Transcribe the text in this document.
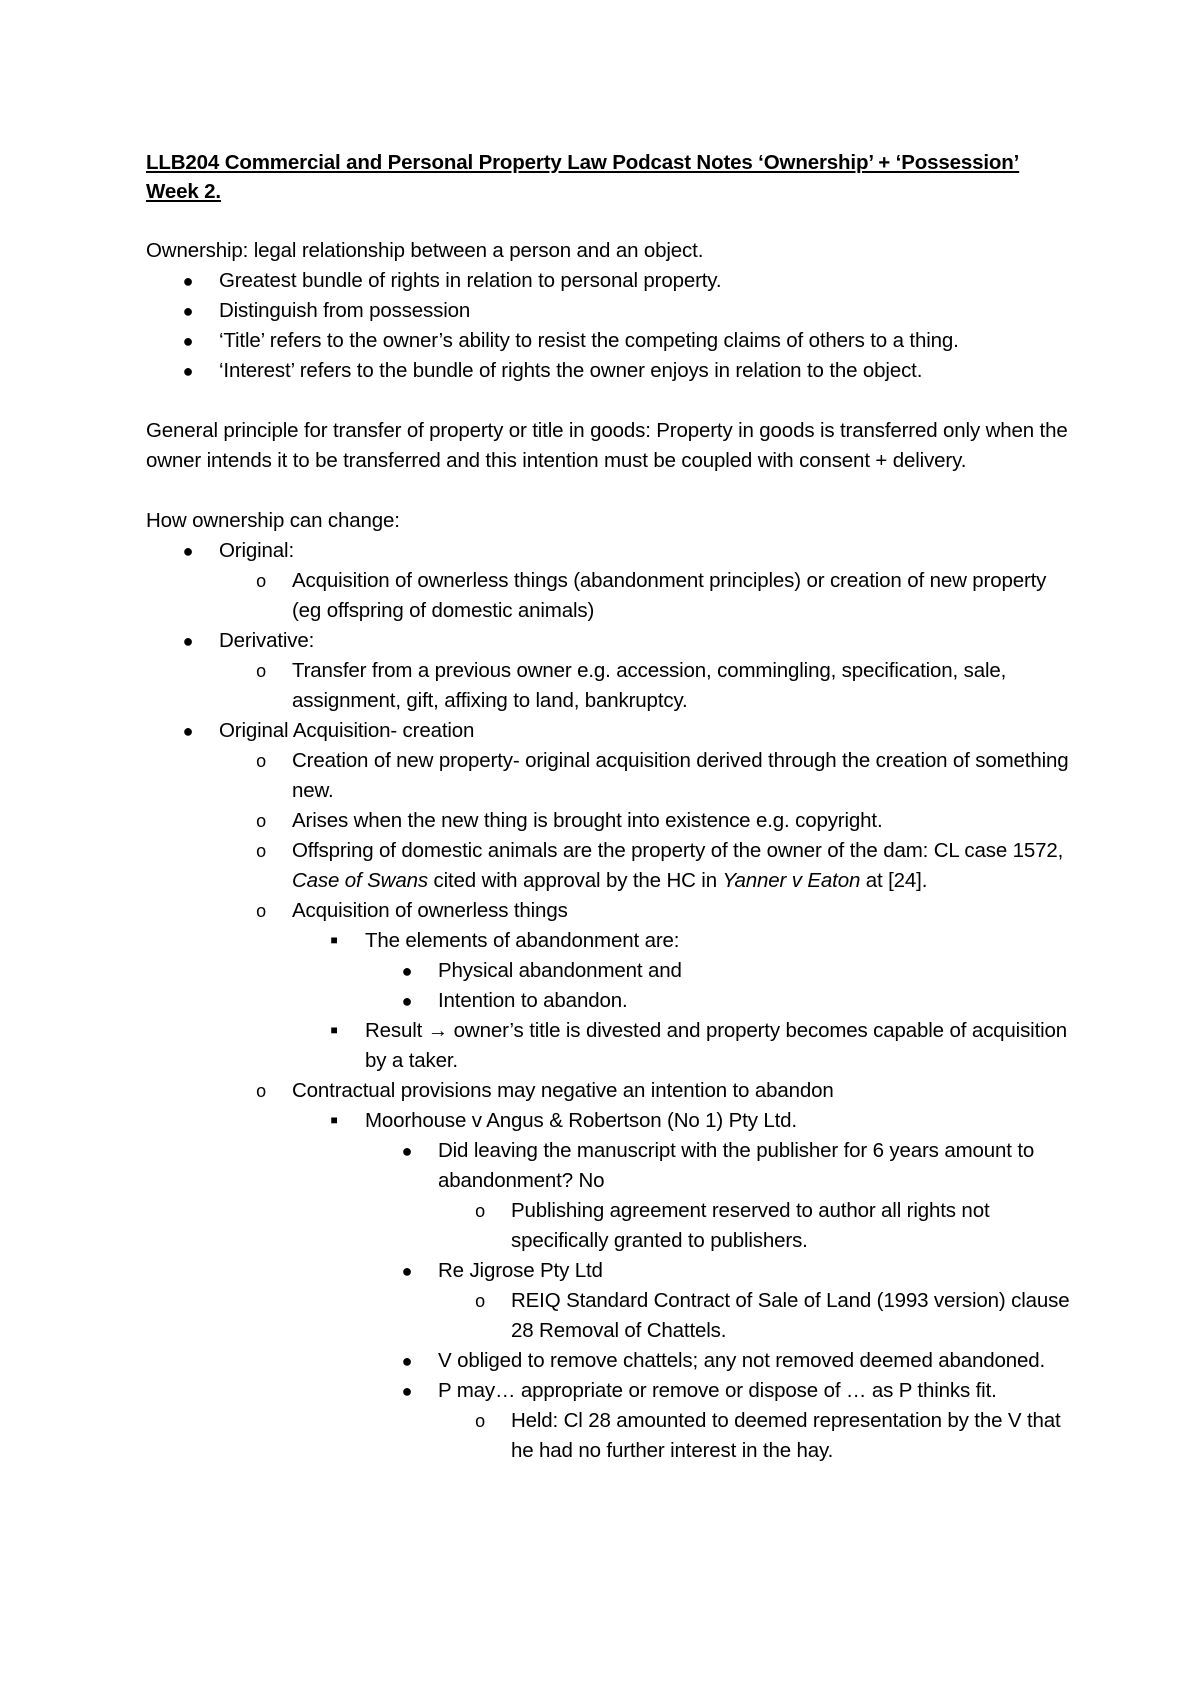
LLB204 Commercial and Personal Property Law Podcast Notes ‘Ownership’ + ‘Possession’
Week 2.

Ownership: legal relationship between a person and an object.

● Greatest bundle of rights in relation to personal property.
● Distinguish from possession
● ‘Title’ refers to the owner’s ability to resist the competing claims of others to a thing.
● ‘Interest’ refers to the bundle of rights the owner enjoys in relation to the object.

General principle for transfer of property or title in goods: Property in goods is transferred only when the owner intends it to be transferred and this intention must be coupled with consent + delivery.

How ownership can change:

● Original:
o Acquisition of ownerless things (abandonment principles) or creation of new property (eg offspring of domestic animals)
● Derivative:
o Transfer from a previous owner e.g. accession, commingling, specification, sale, assignment, gift, affixing to land, bankruptcy.
● Original Acquisition- creation
o Creation of new property- original acquisition derived through the creation of something new.
o Arises when the new thing is brought into existence e.g. copyright.
o Offspring of domestic animals are the property of the owner of the dam: CL case 1572, Case of Swans cited with approval by the HC in Yanner v Eaton at [24].
o Acquisition of ownerless things
■	The elements of abandonment are:
● Physical abandonment and
● Intention to abandon.
■	Result → owner’s title is divested and property becomes capable of acquisition by a taker.
o Contractual provisions may negative an intention to abandon
■	Moorhouse v Angus & Robertson (No 1) Pty Ltd.
● Did leaving the manuscript with the publisher for 6 years amount to abandonment? No
o Publishing agreement reserved to author all rights not specifically granted to publishers.
● Re Jigrose Pty Ltd
o REIQ Standard Contract of Sale of Land (1993 version) clause 28 Removal of Chattels.
● V obliged to remove chattels; any not removed deemed abandoned.
● P may… appropriate or remove or dispose of … as P thinks fit.
o Held: Cl 28 amounted to deemed representation by the V that he had no further interest in the hay.
